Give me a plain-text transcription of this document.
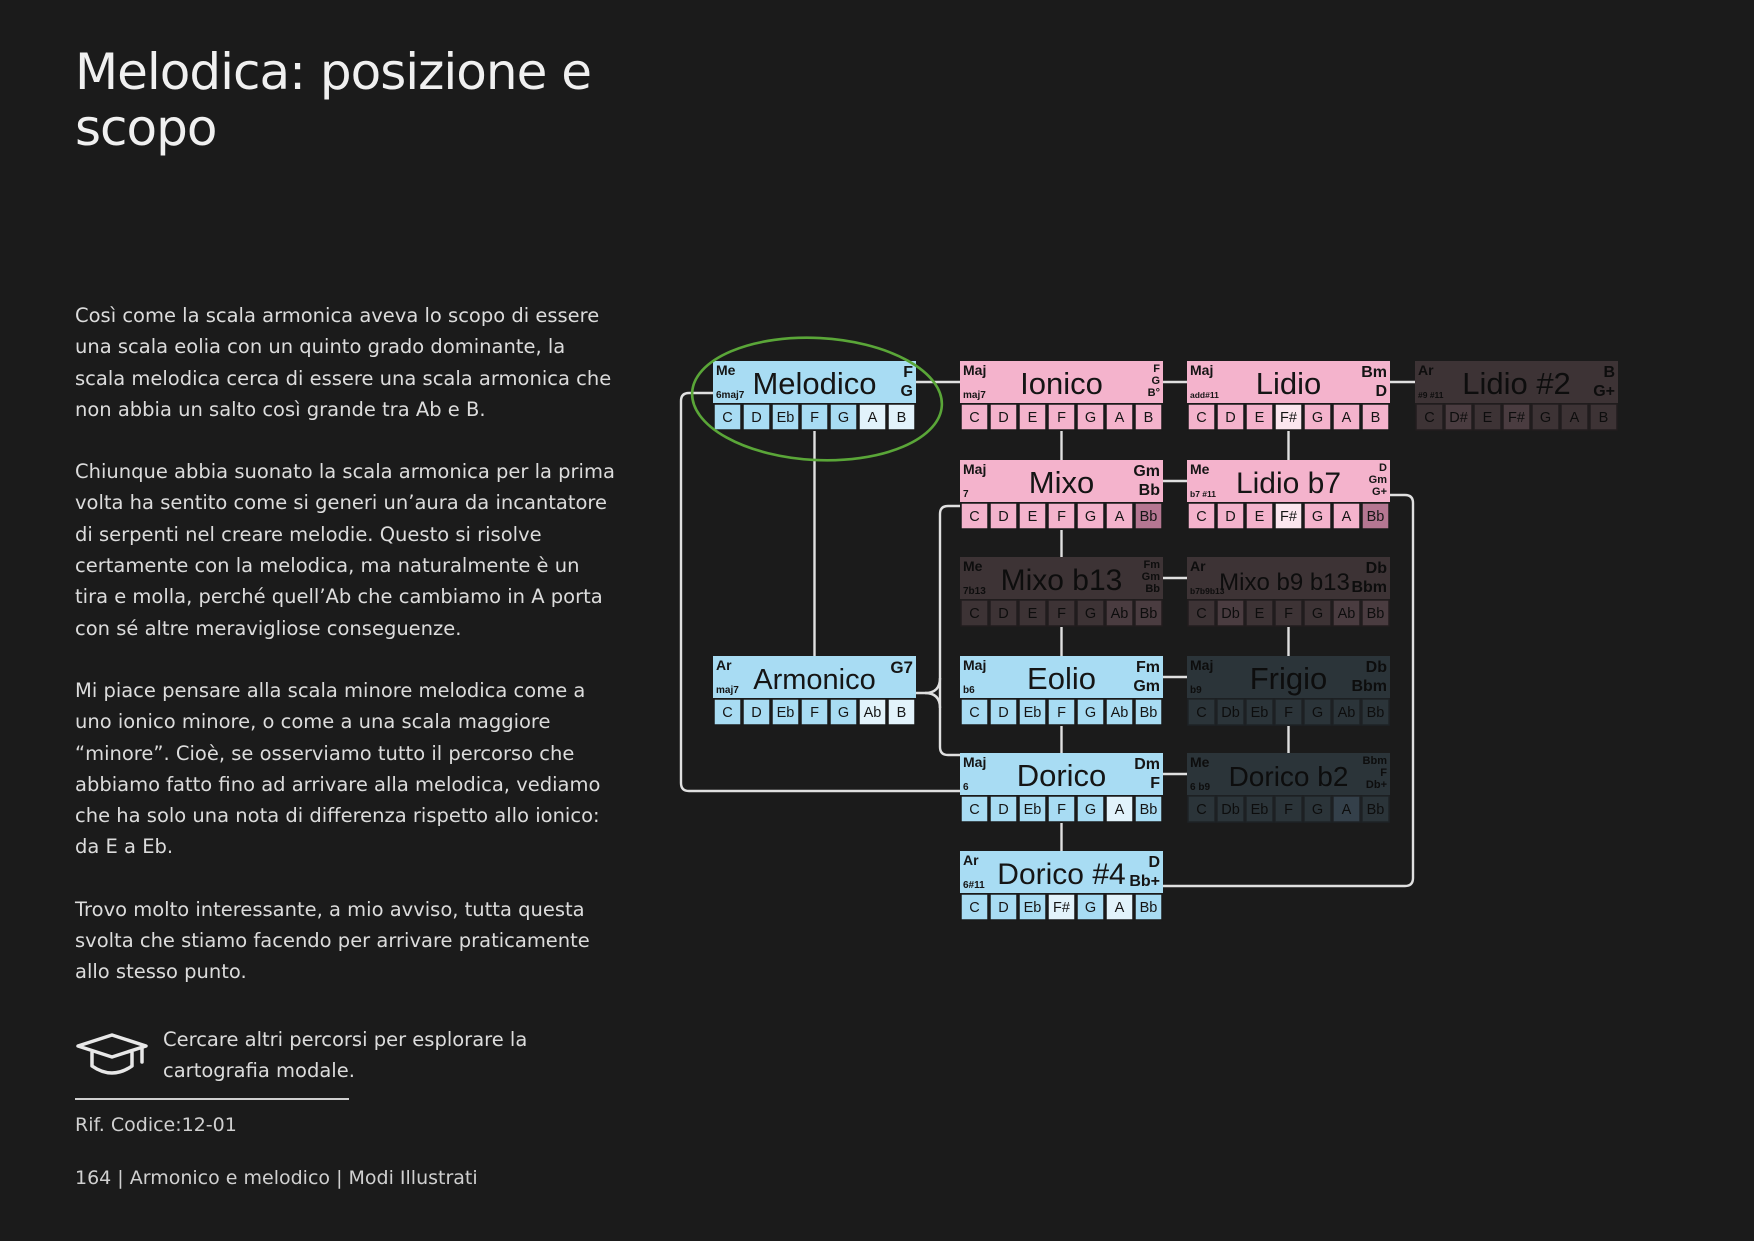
Melodica: posizione e scopo

Così come la scala armonica aveva lo scopo di essere una scala eolia con un quinto grado dominante, la scala melodica cerca di essere una scala armonica che non abbia un salto così grande tra Ab e B.

Chiunque abbia suonato la scala armonica per la prima volta ha sentito come si generi un’aura da incantatore di serpenti nel creare melodie. Questo si risolve certamente con la melodica, ma naturalmente è un tira e molla, perché quell’Ab che cambiamo in A porta con sé altre meravigliose conseguenze.

Mi piace pensare alla scala minore melodica come a uno ionico minore, o come a una scala maggiore “minore”. Cioè, se osserviamo tutto il percorso che abbiamo fatto fino ad arrivare alla melodica, vediamo che ha solo una nota di differenza rispetto allo ionico: da E a Eb.

Trovo molto interessante, a mio avviso, tutta questa svolta che stiamo facendo per arrivare praticamente allo stesso punto.

Cercare altri percorsi per esplorare la cartografia modale.
Rif. Codice:12-01
164 | Armonico e melodico | Modi Illustrati
Me
6maj7 Melodico F
G
C D Eb F G A B
Maj
maj7 Ionico	F
G
B°
C D E F G A B
Maj
add#11 Lidio Bm
D
C D E F# G A B
Ar
#9 #11 Lidio #2 B
G+
C D# E F# G A B
Maj
7 Mixo Gm
Bb
C D E F G A Bb
Me
b7 #11 Lidio b7	D
Gm
G+
C D E F# G A Bb
Me
7b13 Mixo b13 Fm
Gm
Bb
C D E F G Ab Bb
Ar
b7b9b13
Mixo b9 b13
Db
Bbm
C Db E F G Ab Bb
Ar
maj7 Armonico G7
C D Eb F G Ab B
Maj
b6 Eolio	Fm
Gm
C D Eb F G Ab Bb
Maj
b9 Frigio Db
Bbm
C Db Eb F G Ab Bb
Maj
6 Dorico Dm
F
C D Eb F G A Bb
Me
6 b9 Dorico b2 Bbm
F
Db+
C Db Eb F G A Bb
Ar
6#11 Dorico #4 D
Bb+
C D Eb F# G A Bb
